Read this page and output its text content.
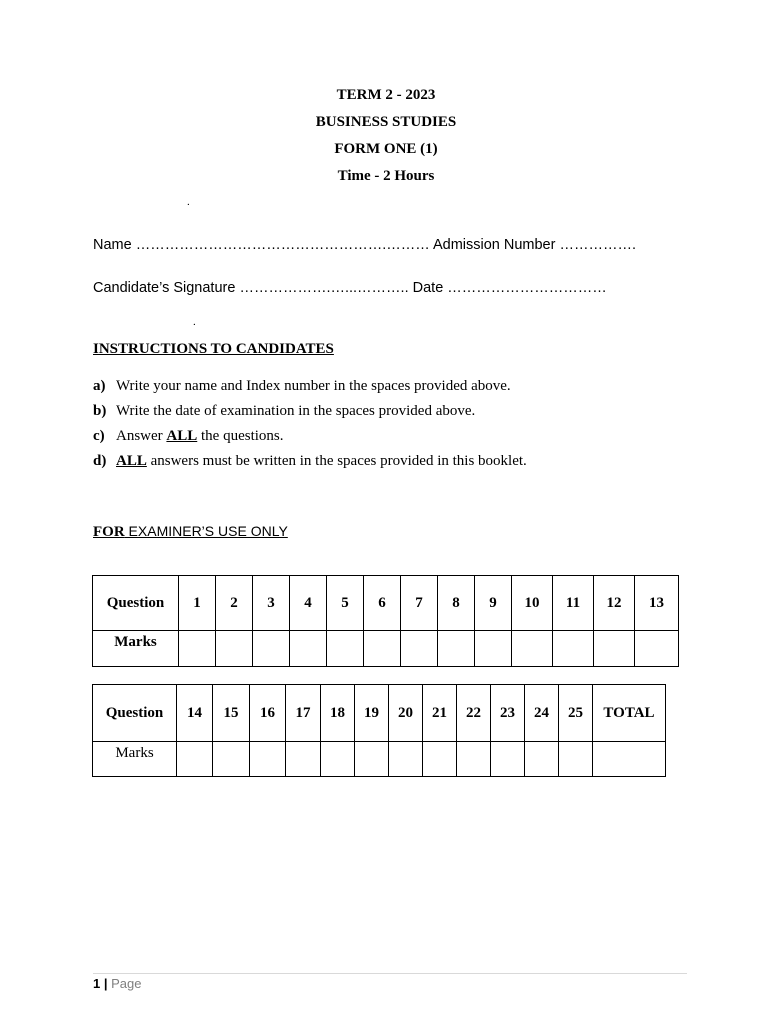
TERM 2 - 2023
BUSINESS STUDIES
FORM ONE (1)
Time - 2 Hours
.
Name …………………………………………….……… Admission Number …………….
Candidate’s Signature ……………….…...……….. Date ……………………………
.
INSTRUCTIONS TO CANDIDATES
a) Write your name and Index number in the spaces provided above.
b) Write the date of examination in the spaces provided above.
c) Answer ALL the questions.
d) ALL answers must be written in the spaces provided in this booklet.
FOR EXAMINER’S USE ONLY
Question	1	2	3	4	5	6	7	8	9	10	11	12	13
Marks													
Question	14	15	16	17	18	19	20	21	22	23	24	25	TOTAL
Marks													
1 | Page
